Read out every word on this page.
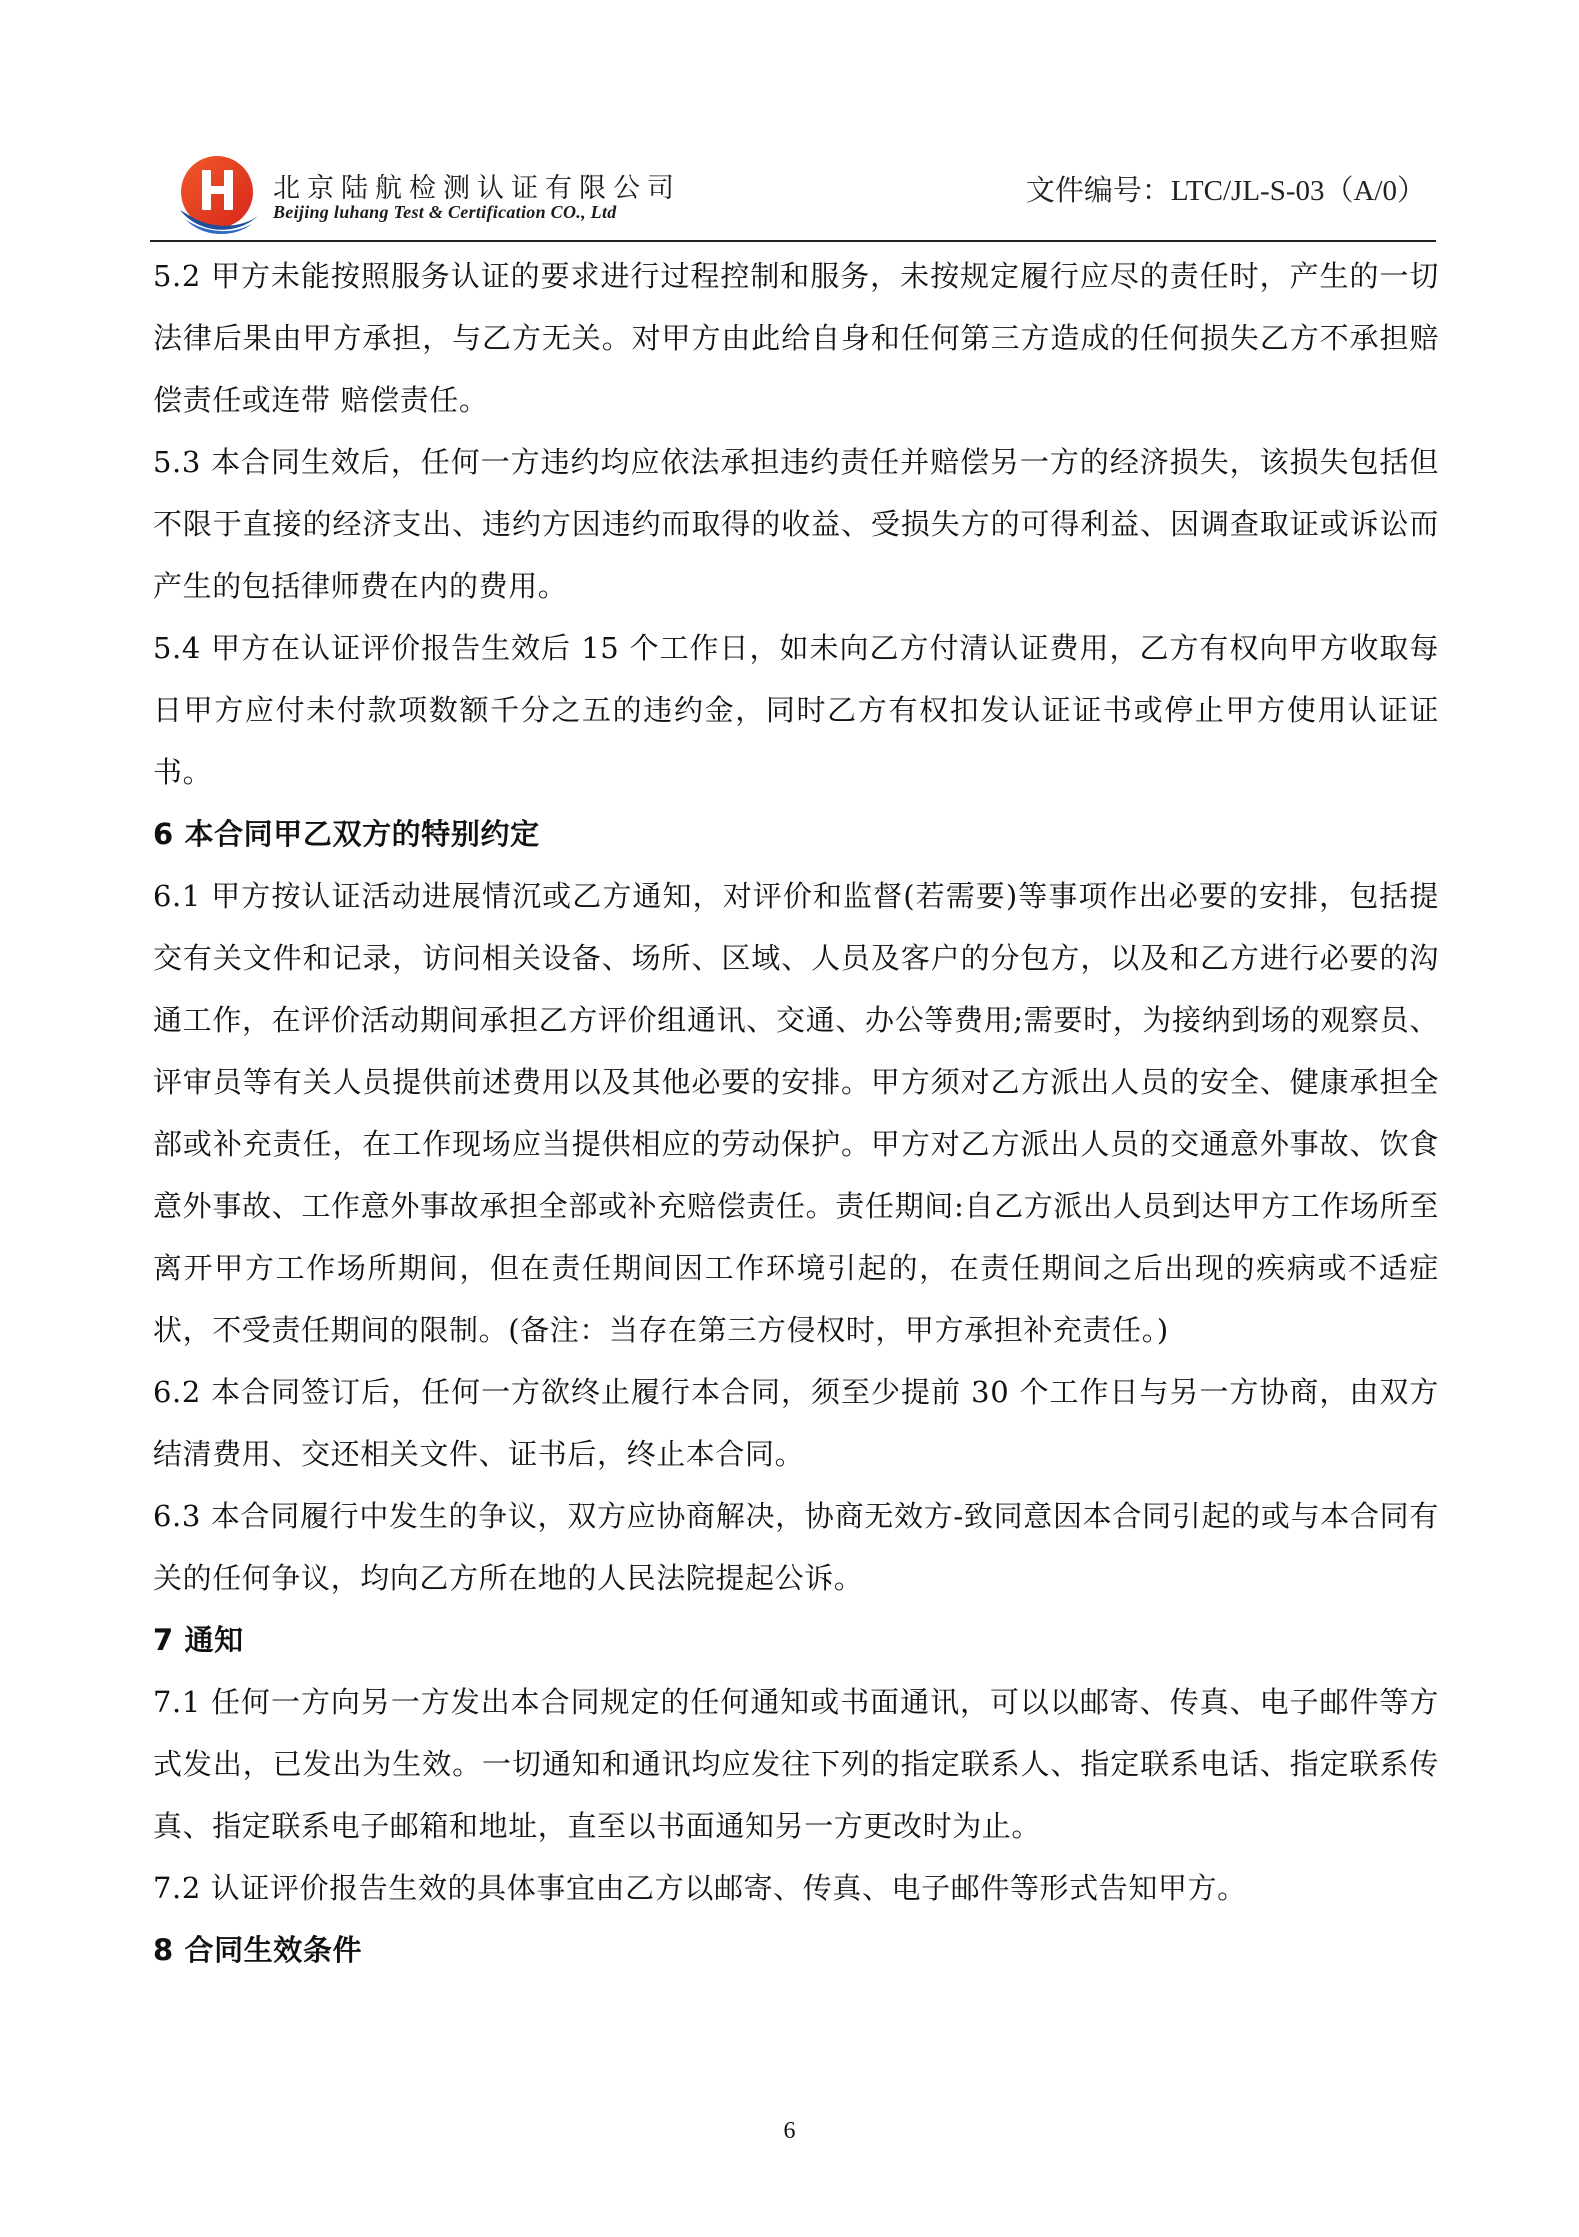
北京陆航检测认证有限公司
Beijing luhang Test & Certification CO., Ltd
文件编号：LTC/JL-S-03（A/0）

5.2 甲方未能按照服务认证的要求进行过程控制和服务，未按规定履行应尽的责任时，产生的一切法律后果由甲方承担，与乙方无关。对甲方由此给自身和任何第三方造成的任何损失乙方不承担赔偿责任或连带 赔偿责任。

5.3 本合同生效后，任何一方违约均应依法承担违约责任并赔偿另一方的经济损失，该损失包括但不限于直接的经济支出、违约方因违约而取得的收益、受损失方的可得利益、因调查取证或诉讼而产生的包括律师费在内的费用。

5.4 甲方在认证评价报告生效后 15 个工作日，如未向乙方付清认证费用，乙方有权向甲方收取每日甲方应付未付款项数额千分之五的违约金，同时乙方有权扣发认证证书或停止甲方使用认证证书。

6 本合同甲乙双方的特别约定

6.1 甲方按认证活动进展情沉或乙方通知，对评价和监督(若需要)等事项作出必要的安排，包括提交有关文件和记录，访问相关设备、场所、区域、人员及客户的分包方，以及和乙方进行必要的沟通工作，在评价活动期间承担乙方评价组通讯、交通、办公等费用;需要时，为接纳到场的观察员、评审员等有关人员提供前述费用以及其他必要的安排。甲方须对乙方派出人员的安全、健康承担全部或补充责任，在工作现场应当提供相应的劳动保护。甲方对乙方派出人员的交通意外事故、饮食意外事故、工作意外事故承担全部或补充赔偿责任。责任期间:自乙方派出人员到达甲方工作场所至离开甲方工作场所期间，但在责任期间因工作环境引起的，在责任期间之后出现的疾病或不适症状，不受责任期间的限制。(备注：当存在第三方侵权时，甲方承担补充责任。)

6.2 本合同签订后，任何一方欲终止履行本合同，须至少提前 30 个工作日与另一方协商，由双方结清费用、交还相关文件、证书后，终止本合同。

6.3 本合同履行中发生的争议，双方应协商解决，协商无效方-致同意因本合同引起的或与本合同有关的任何争议，均向乙方所在地的人民法院提起公诉。

7 通知

7.1 任何一方向另一方发出本合同规定的任何通知或书面通讯，可以以邮寄、传真、电子邮件等方式发出，已发出为生效。一切通知和通讯均应发往下列的指定联系人、指定联系电话、指定联系传真、指定联系电子邮箱和地址，直至以书面通知另一方更改时为止。

7.2 认证评价报告生效的具体事宜由乙方以邮寄、传真、电子邮件等形式告知甲方。

8 合同生效条件

6
